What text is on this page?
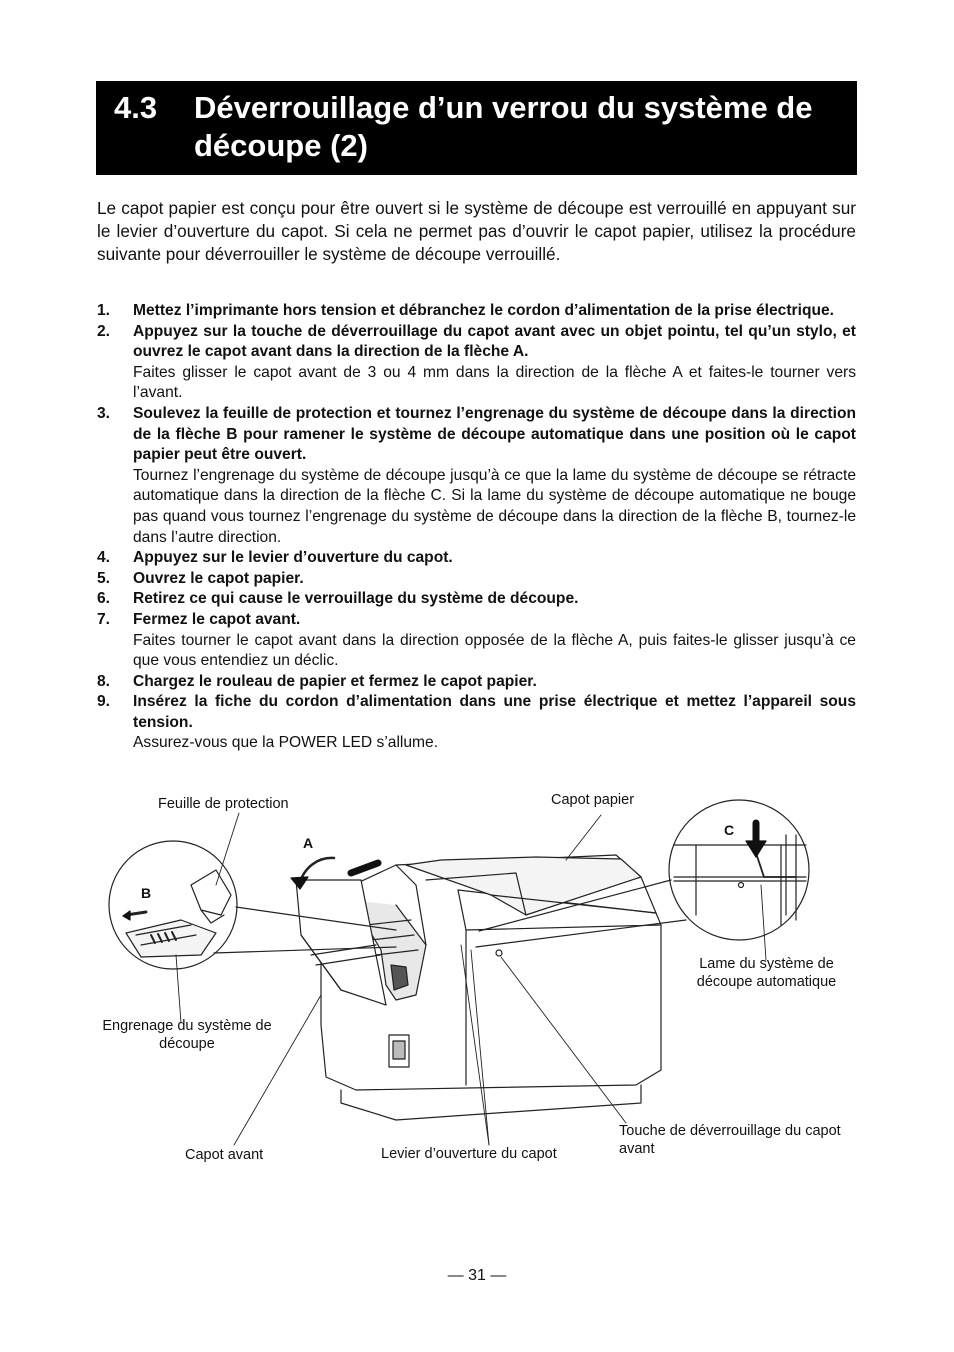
4.3 Déverrouillage d’un verrou du système de découpe (2)

Le capot papier est conçu pour être ouvert si le système de découpe est verrouillé en appuyant sur le levier d’ouverture du capot. Si cela ne permet pas d’ouvrir le capot papier, utilisez la procédure suivante pour déverrouiller le système de découpe verrouillé.

1. Mettez l’imprimante hors tension et débranchez le cordon d’alimentation de la prise électrique.
2. Appuyez sur la touche de déverrouillage du capot avant avec un objet pointu, tel qu’un stylo, et ouvrez le capot avant dans la direction de la flèche A.
Faites glisser le capot avant de 3 ou 4 mm dans la direction de la flèche A et faites-le tourner vers l’avant.
3. Soulevez la feuille de protection et tournez l’engrenage du système de découpe dans la direction de la flèche B pour ramener le système de découpe automatique dans une position où le capot papier peut être ouvert.
Tournez l’engrenage du système de découpe jusqu’à ce que la lame du système de découpe se rétracte automatique dans la direction de la flèche C. Si la lame du système de découpe automatique ne bouge pas quand vous tournez l’engrenage du système de découpe dans la direction de la flèche B, tournez-le dans l’autre direction.
4. Appuyez sur le levier d’ouverture du capot.
5. Ouvrez le capot papier.
6. Retirez ce qui cause le verrouillage du système de découpe.
7. Fermez le capot avant.
Faites tourner le capot avant dans la direction opposée de la flèche A, puis faites-le glisser jusqu’à ce que vous entendiez un déclic.
8. Chargez le rouleau de papier et fermez le capot papier.
9. Insérez la fiche du cordon d’alimentation dans une prise électrique et mettez l’appareil sous tension.
Assurez-vous que la POWER LED s’allume.
A
B
C
Feuille de protection	Capot papier
Lame du système de découpe automatique
Engrenage du système de découpe
Capot avant	Levier d’ouverture du capot
Touche de déverrouillage du capot avant
— 31 —
